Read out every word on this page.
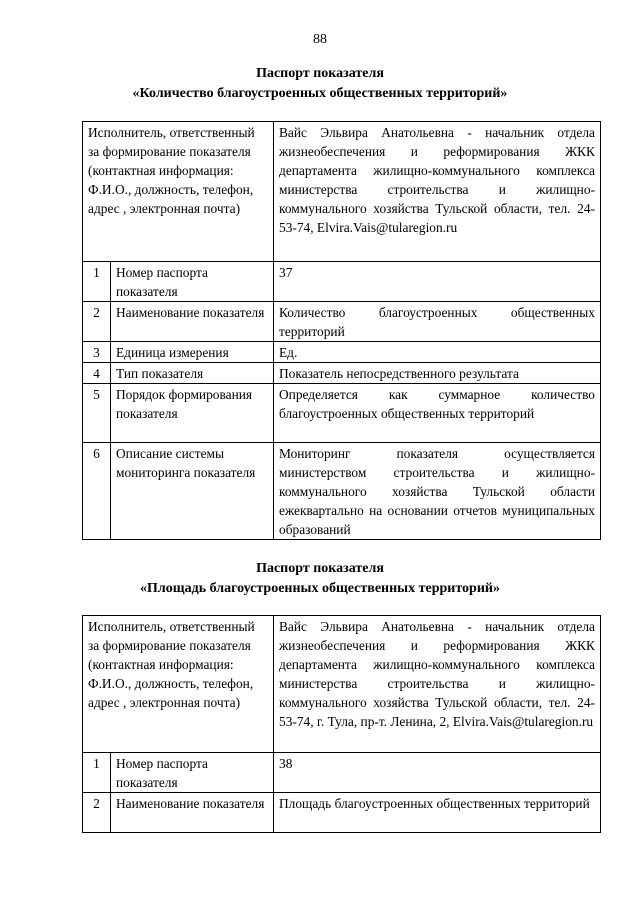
88
Паспорт показателя
«Количество благоустроенных общественных территорий»
Исполнитель, ответственный за формирование показателя (контактная информация: Ф.И.О., должность, телефон, адрес , электронная почта)		Вайс Эльвира Анатольевна - начальник отдела жизнеобеспечения и реформирования ЖКК департамента жилищно-коммунального комплекса министерства строительства и жилищно-коммунального хозяйства Тульской области, тел. 24-53-74, Elvira.Vais@tularegion.ru
1	Номер паспорта показателя	37
2	Наименование показателя	Количество благоустроенных общественных территорий
3	Единица измерения	Ед.
4	Тип показателя	Показатель непосредственного результата
5	Порядок формирования показателя	Определяется как суммарное количество благоустроенных общественных территорий
6	Описание системы мониторинга показателя	Мониторинг показателя осуществляется министерством строительства и жилищно-коммунального хозяйства Тульской области ежеквартально на основании отчетов муниципальных образований
Паспорт показателя
«Площадь благоустроенных общественных территорий»
Исполнитель, ответственный за формирование показателя (контактная информация: Ф.И.О., должность, телефон, адрес , электронная почта)		Вайс Эльвира Анатольевна - начальник отдела жизнеобеспечения и реформирования ЖКК департамента жилищно-коммунального комплекса министерства строительства и жилищно-коммунального хозяйства Тульской области, тел. 24-53-74, г. Тула, пр-т. Ленина, 2, Elvira.Vais@tularegion.ru
1	Номер паспорта показателя	38
2	Наименование показателя	Площадь благоустроенных общественных территорий
